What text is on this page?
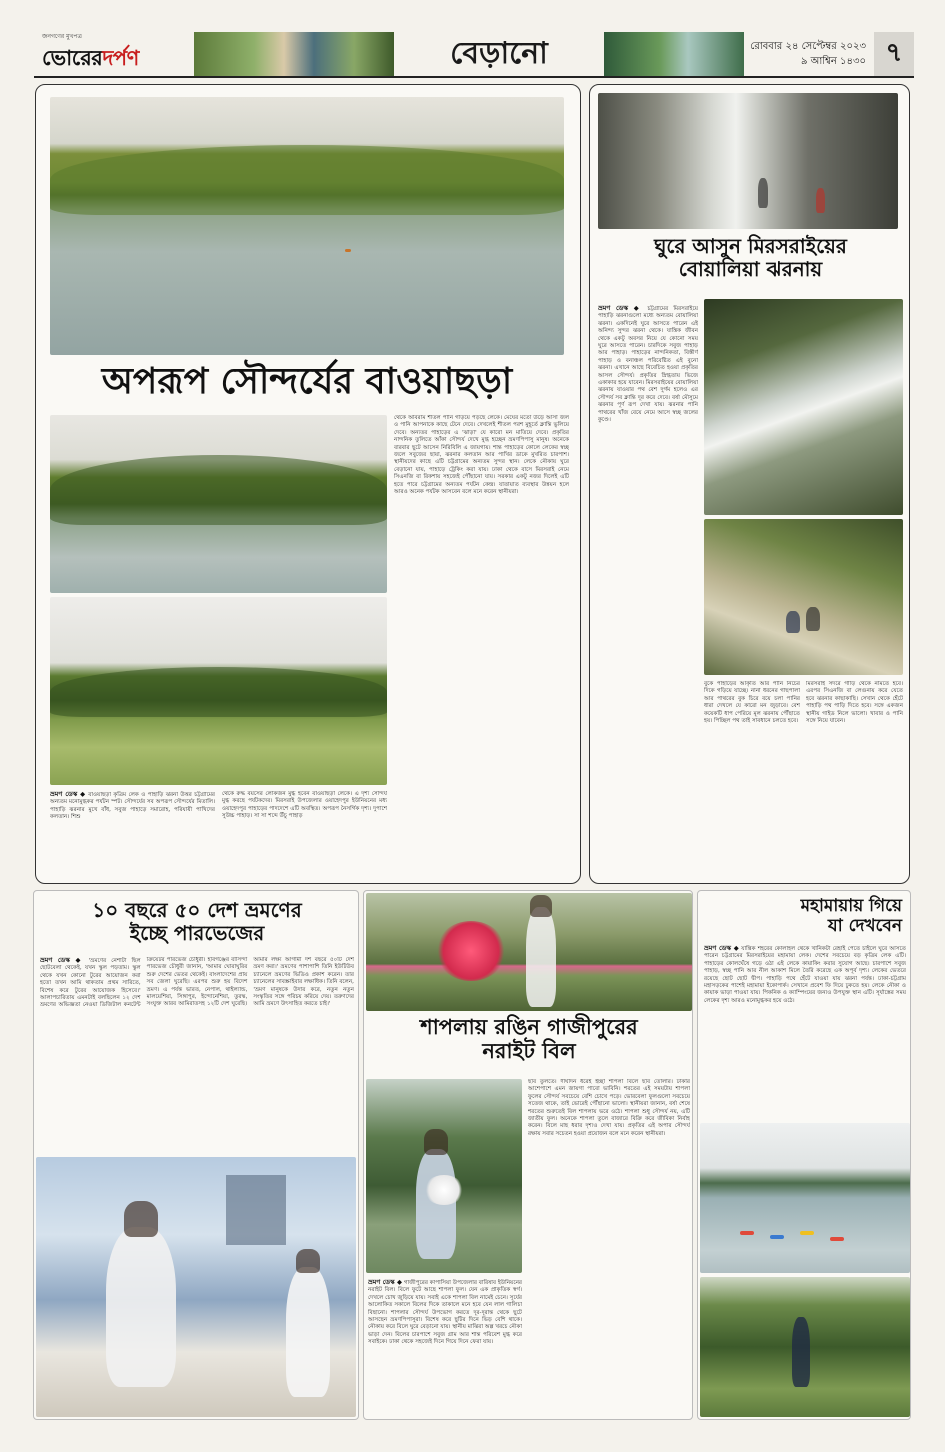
জনগণের মুখপত্র
ভোরেরদর্পণ	বেড়ানো	রোববার ২৪ সেপ্টেম্বর ২০২৩
৯ আশ্বিন ১৪৩০ ৭
অপরূপ সৌন্দর্যের বাওয়াছড়া
ভ্রমণ ডেস্ক ◆ বাওয়াছড়া কৃত্রিম লেক ও পাহাড়ি ঝরনা উত্তর চট্টগ্রামের অন্যতম মনোমুগ্ধকর পর্যটন স্পট। সৌন্দর্যের সব অপরূপ সৌন্দর্যের মিতালি। পাহাড়ি ঝরনার মুখে বাঁধ, সবুজ পাহাড়ে সমারোহ, পরিযায়ী পাখিদের কলতান। শিশু
থেকে রুদ্ধ বয়সের লোকজন মুগ্ধ হবেন বাওয়াছড়া লেকে। এ দৃশ্য সৌন্দর্য মুগ্ধ করছে পর্যটকদের। মিরসরাই উপজেলার ওয়াহেদপুর ইউনিয়নের মধ্য ওয়াহেদপুর পাহাড়ের পাদদেশে এটি অবস্থিত। অপরূপ নৈসর্গিক দৃশ্য। দুপাশে সুউচ্চ পাহাড়। সা সা শব্দে উঁচু পাহাড়
থেকে অবিরাম শীতল পানি গড়িয়ে পড়ছে লেকে। মেঘের মতো উড়ে আসা জল ও পানি আপনাকে কাছে টেনে দেবে। দেখলেই শীতল পরশ মুহূর্তে ক্লান্তি ভুলিয়ে দেবে। অন্যতর পাহাড়ের এ 'ঝাড়া' যে কারো মন মাতিয়ে দেবে। প্রকৃতির নান্দনিক তুলিতে আঁকা সৌন্দর্য দেখে মুগ্ধ হচ্ছেন ভ্রমণপিপাসু মানুষ। অনেকে বারবার ছুটে আসেন নিরিবিলি এ জায়গায়। শান্ত পাহাড়ের কোলে লেকের স্বচ্ছ জলে সবুজের ছায়া, ঝরনার কলতান আর পাখির ডাকে মুখরিত চারপাশ। স্থানীয়দের কাছে এটি চট্টগ্রামের অন্যতম সুন্দর স্থান। লেকে নৌকায় ঘুরে বেড়ানো যায়, পাহাড়ে ট্রেকিং করা যায়। ঢাকা থেকে বাসে মিরসরাই নেমে সিএনজি বা রিকশায় সহজেই পৌঁছানো যায়। সরকার একটু নজর দিলেই এটি হতে পারে চট্টগ্রামের অন্যতম পর্যটন কেন্দ্র। যাতায়াত ব্যবস্থার উন্নয়ন হলে আরও অনেক পর্যটক আসবেন বলে মনে করেন স্থানীয়রা।
ঘুরে আসুন মিরসরাইয়ের
বোয়ালিয়া ঝরনায়
ভ্রমণ ডেস্ক ◆ চট্টগ্রামের মিরসরাইয়ে পাহাড়ি ঝরনাগুলো মধ্যে অন্যতম বোয়ালিয়া ঝরনা। একদিনেই ঘুরে আসতে পারেন এই অনিন্দ্য সুন্দর ঝরনা থেকে। যান্ত্রিক জীবন থেকে একটু অবসর নিয়ে যে কোনো সময় ঘুরে আসতে পারেন। চারদিকে সবুজ পাহাড় আর পাহাড়। পাহাড়ের নান্দনিকতা, বিস্তীর্ণ পাহাড় ও বনাঞ্চল পরিবেষ্টিত এই বুনো ঝরনা। এখানে আছে বিবেচিত হওয়া প্রকৃতির আসল সৌন্দর্য। প্রকৃতির স্নিগ্ধতায় ভিজে একাকার হয়ে যাবেন। মিরসরাইয়ের বোয়ালিয়া ঝরনায় যাওয়ার পথ বেশ দুর্গম হলেও এর সৌন্দর্য সব ক্লান্তি দূর করে দেবে। বর্ষা মৌসুমে ঝরনার পূর্ণ রূপ দেখা যায়। ঝরনার পানি পাথরের খাঁজ বেয়ে নেমে আসে স্বচ্ছ জলের কুণ্ডে।
বুকে পাহাড়ের আকৃতি আর পানি নিচের দিকে গড়িয়ে যাচ্ছে। নানা ধরনের গাছপালা আর পাথরের বুক চিরে বয়ে চলা পানির ধারা দেখলে যে কারো মন জুড়াবে। বেশ কয়েকটি ধাপ পেরিয়ে মূল ঝরনায় পৌঁছাতে হয়। পিচ্ছিল পথ তাই সাবধানে চলতে হবে।
মিরসরাই সদরে গাড়ি থেকে নামতে হবে। এরপর সিএনজি বা লেগুনায় করে যেতে হবে ঝরনার কাছাকাছি। সেখান থেকে হেঁটে পাহাড়ি পথ পাড়ি দিতে হবে। সঙ্গে একজন স্থানীয় গাইড নিলে ভালো। খাবার ও পানি সঙ্গে নিয়ে যাবেন।
১০ বছরে ৫০ দেশ ভ্রমণের
ইচ্ছে পারভেজের
ভ্রমণ ডেস্ক ◆ 'ভ্রমণের নেশাটা ছিল ছোটবেলা থেকেই, যখন স্কুল পড়তাম। স্কুল থেকে যখন কোনো টুরের আয়োজন করা হতো তখন আমি থাকতাম প্রথম সারিতে, বিশেষ করে টুরের আয়োজক হিসেবে।' আলাপচারিতায় এমনটাই বলছিলেন ১২ দেশ ভ্রমণের অভিজ্ঞতা নেওয়া ডিজিটাল কনটেন্ট ক্রিয়েটর পারভেজ চৌধুরী। হবিগঞ্জের বাসিন্দা পারভেজ চৌধুরী জানান, 'আমার ঘোরাঘুরির শুরু দেশের ভেতর থেকেই। বাংলাদেশের প্রায় সব জেলা ঘুরেছি। এরপর শুরু হয় বিদেশ ভ্রমণ। এ পর্যন্ত ভারত, নেপাল, থাইল্যান্ড, মালয়েশিয়া, সিঙ্গাপুর, ইন্দোনেশিয়া, তুরস্ক, সংযুক্ত আরব আমিরাতসহ ১২টি দেশ ঘুরেছি। আমার লক্ষ্য আগামী দশ বছরে ৫০টি দেশ ভ্রমণ করা।' ভ্রমণের পাশাপাশি তিনি ইউটিউব চ্যানেলে ভ্রমণের ভিডিও প্রকাশ করেন। তার চ্যানেলের সাবস্ক্রাইবার লক্ষাধিক। তিনি বলেন, 'ভ্রমণ মানুষকে উদার করে, নতুন নতুন সংস্কৃতির সঙ্গে পরিচয় করিয়ে দেয়। তরুণদের আমি ভ্রমণে উৎসাহিত করতে চাই।'
শাপলায় রঙিন গাজীপুরের
নরাইট বিল
ভ্রমণ ডেস্ক ◆ গাজীপুরের কাপাসিয়া উপজেলার বারিষাব ইউনিয়নের নরাইট বিল। বিলে ফুটে আছে শাপলা ফুল। যেন এক প্রাকৃতিক স্বর্গ। দেখলে চোখ জুড়িয়ে যায়। সবাই একে শাপলা বিল নামেই চেনে। সূর্যের আলোকিত সকালে বিলের দিকে তাকালে মনে হবে যেন লাল গালিচা বিছানো। শাপলার সৌন্দর্য উপভোগ করতে দূর-দূরান্ত থেকে ছুটে আসছেন ভ্রমণপিপাসুরা। বিশেষ করে ছুটির দিনে ভিড় বেশি থাকে। নৌকায় করে বিলে ঘুরে বেড়ানো যায়। স্থানীয় মাঝিরা অল্প খরচে নৌকা ভাড়া দেন। বিলের চারপাশে সবুজ গ্রাম আর শান্ত পরিবেশ মুগ্ধ করে সবাইকে। ঢাকা থেকে সহজেই দিনে গিয়ে দিনে ফেরা যায়।
ছবি তুলতে। দীর্ঘদিন ধরেই ইচ্ছা শাপলা বিলে ছবি তোলার। ঢাকার আশেপাশে এমন জায়গা পাবো ভাবিনি। শরতের এই সময়টায় শাপলা ফুলের সৌন্দর্য সবচেয়ে বেশি চোখে পড়ে। ভোরবেলা ফুলগুলো সবচেয়ে সতেজ থাকে, তাই ভোরেই পৌঁছানো ভালো। স্থানীয়রা জানান, বর্ষা শেষে শরতের শুরুতেই বিল শাপলায় ভরে ওঠে। শাপলা শুধু সৌন্দর্য নয়, এটি জাতীয় ফুল। অনেকে শাপলা তুলে বাজারে বিক্রি করে জীবিকা নির্বাহ করেন। বিলে মাছ ধরার দৃশ্যও দেখা যায়। প্রকৃতির এই অপার সৌন্দর্য রক্ষায় সবার সচেতন হওয়া প্রয়োজন বলে মনে করেন স্থানীয়রা।
মহামায়ায় গিয়ে
যা দেখবেন
ভ্রমণ ডেস্ক ◆ যান্ত্রিক শহরের কোলাহল থেকে খানিকটা রেহাই পেতে চাইলে ঘুরে আসতে পারেন চট্টগ্রামের মিরসরাইয়ের মহামায়া লেক। দেশের সবচেয়ে বড় কৃত্রিম লেক এটি। পাহাড়ের কোলঘেঁষে গড়ে ওঠা এই লেকে কায়াকিং করার সুযোগ আছে। চারপাশে সবুজ পাহাড়, স্বচ্ছ পানি আর নীল আকাশ মিলে তৈরি করেছে এক অপূর্ব দৃশ্য। লেকের ভেতরে রয়েছে ছোট ছোট দ্বীপ। পাহাড়ি পথে হেঁটে যাওয়া যায় ঝরনা পর্যন্ত। ঢাকা-চট্টগ্রাম মহাসড়কের পাশেই মহামায়া ইকোপার্ক। সেখানে প্রবেশ ফি দিয়ে ঢুকতে হয়। লেকে নৌকা ও কায়াক ভাড়া পাওয়া যায়। পিকনিক ও ক্যাম্পিংয়ের জন্যও উপযুক্ত স্থান এটি। সূর্যাস্তের সময় লেকের দৃশ্য আরও মনোমুগ্ধকর হয়ে ওঠে।
